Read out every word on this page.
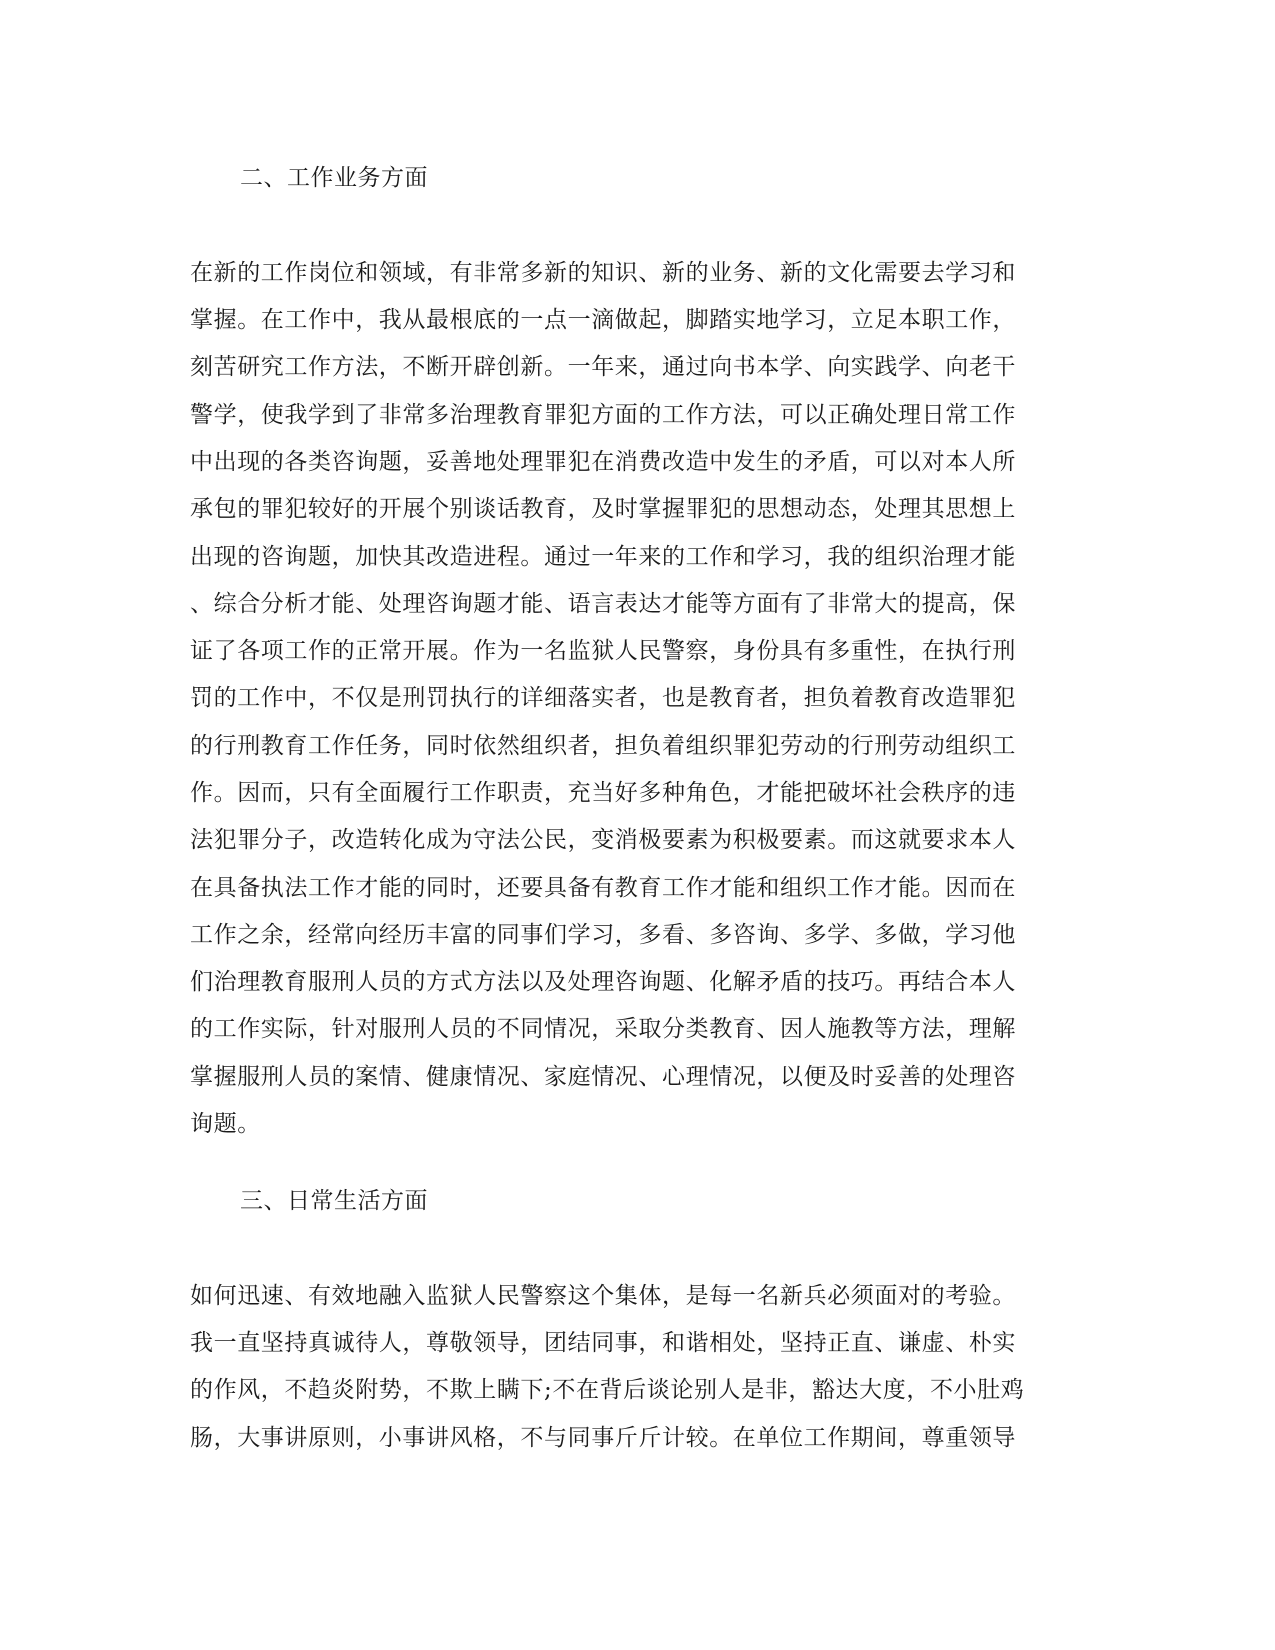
二、工作业务方面
在新的工作岗位和领域，有非常多新的知识、新的业务、新的文化需要去学习和
掌握。在工作中，我从最根底的一点一滴做起，脚踏实地学习，立足本职工作，
刻苦研究工作方法，不断开辟创新。一年来，通过向书本学、向实践学、向老干
警学，使我学到了非常多治理教育罪犯方面的工作方法，可以正确处理日常工作
中出现的各类咨询题，妥善地处理罪犯在消费改造中发生的矛盾，可以对本人所
承包的罪犯较好的开展个别谈话教育，及时掌握罪犯的思想动态，处理其思想上
出现的咨询题，加快其改造进程。通过一年来的工作和学习，我的组织治理才能
、综合分析才能、处理咨询题才能、语言表达才能等方面有了非常大的提高，保
证了各项工作的正常开展。作为一名监狱人民警察，身份具有多重性，在执行刑
罚的工作中，不仅是刑罚执行的详细落实者，也是教育者，担负着教育改造罪犯
的行刑教育工作任务，同时依然组织者，担负着组织罪犯劳动的行刑劳动组织工
作。因而，只有全面履行工作职责，充当好多种角色，才能把破坏社会秩序的违
法犯罪分子，改造转化成为守法公民，变消极要素为积极要素。而这就要求本人
在具备执法工作才能的同时，还要具备有教育工作才能和组织工作才能。因而在
工作之余，经常向经历丰富的同事们学习，多看、多咨询、多学、多做，学习他
们治理教育服刑人员的方式方法以及处理咨询题、化解矛盾的技巧。再结合本人
的工作实际，针对服刑人员的不同情况，采取分类教育、因人施教等方法，理解
掌握服刑人员的案情、健康情况、家庭情况、心理情况，以便及时妥善的处理咨
询题。
三、日常生活方面
如何迅速、有效地融入监狱人民警察这个集体，是每一名新兵必须面对的考验。
我一直坚持真诚待人，尊敬领导，团结同事，和谐相处，坚持正直、谦虚、朴实
的作风，不趋炎附势，不欺上瞒下;不在背后谈论别人是非，豁达大度，不小肚鸡
肠，大事讲原则，小事讲风格，不与同事斤斤计较。在单位工作期间，尊重领导
